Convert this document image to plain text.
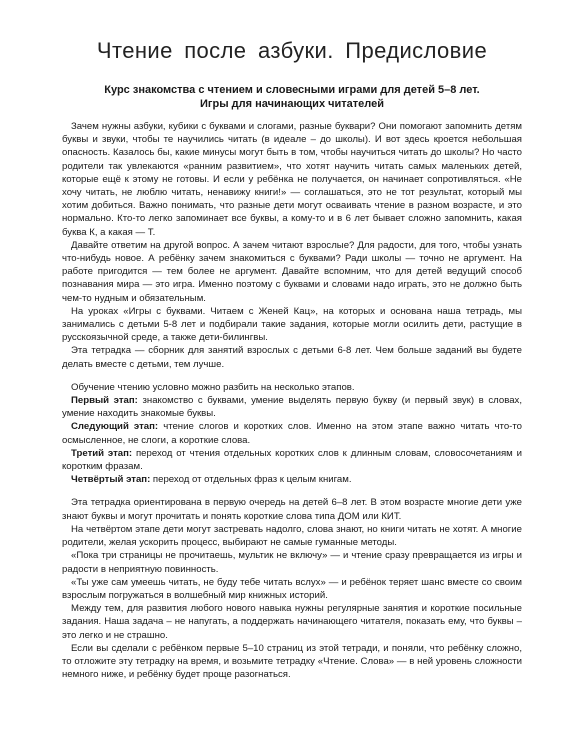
Чтение после азбуки. Предисловие
Курс знакомства с чтением и словесными играми для детей 5–8 лет.
Игры для начинающих читателей

Зачем нужны азбуки, кубики с буквами и слогами, разные буквари? Они помогают запомнить детям буквы и звуки, чтобы те научились читать (в идеале – до школы). И вот здесь кроется небольшая опасность. Казалось бы, какие минусы могут быть в том, чтобы научиться читать до школы? Но часто родители так увлекаются «ранним развитием», что хотят научить читать самых маленьких детей, которые ещё к этому не готовы. И если у ребёнка не получается, он начинает сопротивляться. «Не хочу читать, не люблю читать, ненавижу книги!» — соглашаться, это не тот результат, который мы хотим добиться. Важно понимать, что разные дети могут осваивать чтение в разном возрасте, и это нормально. Кто-то легко запоминает все буквы, а кому-то и в 6 лет бывает сложно запомнить, какая буква К, а какая — Т.

Давайте ответим на другой вопрос. А зачем читают взрослые? Для радости, для того, чтобы узнать что-нибудь новое. А ребёнку зачем знакомиться с буквами? Ради школы — точно не аргумент. На работе пригодится — тем более не аргумент. Давайте вспомним, что для детей ведущий способ познавания мира — это игра. Именно поэтому с буквами и словами надо играть, это не должно быть чем-то нудным и обязательным.

На уроках «Игры с буквами. Читаем с Женей Кац», на которых и основана наша тетрадь, мы занимались с детьми 5-8 лет и подбирали такие задания, которые могли осилить дети, растущие в русскоязычной среде, а также дети-билингвы.

Эта тетрадка — сборник для занятий взрослых с детьми 6-8 лет. Чем больше заданий вы будете делать вместе с детьми, тем лучше.

Обучение чтению условно можно разбить на несколько этапов.

Первый этап: знакомство с буквами, умение выделять первую букву (и первый звук) в словах, умение находить знакомые буквы.

Следующий этап: чтение слогов и коротких слов. Именно на этом этапе важно читать что-то осмысленное, не слоги, а короткие слова.

Третий этап: переход от чтения отдельных коротких слов к длинным словам, словосочетаниям и коротким фразам.

Четвёртый этап: переход от отдельных фраз к целым книгам.

Эта тетрадка ориентирована в первую очередь на детей 6–8 лет. В этом возрасте многие дети уже знают буквы и могут прочитать и понять короткие слова типа ДОМ или КИТ.

На четвёртом этапе дети могут застревать надолго, слова знают, но книги читать не хотят. А многие родители, желая ускорить процесс, выбирают не самые гуманные методы.

«Пока три страницы не прочитаешь, мультик не включу» — и чтение сразу превращается из игры и радости в неприятную повинность.

«Ты уже сам умеешь читать, не буду тебе читать вслух» — и ребёнок теряет шанс вместе со своим взрослым погружаться в волшебный мир книжных историй.

Между тем, для развития любого нового навыка нужны регулярные занятия и короткие посильные задания. Наша задача – не напугать, а поддержать начинающего читателя, показать ему, что буквы – это легко и не страшно.

Если вы сделали с ребёнком первые 5–10 страниц из этой тетради, и поняли, что ребёнку сложно, то отложите эту тетрадку на время, и возьмите тетрадку «Чтение. Слова» — в ней уровень сложности немного ниже, и ребёнку будет проще разогнаться.
